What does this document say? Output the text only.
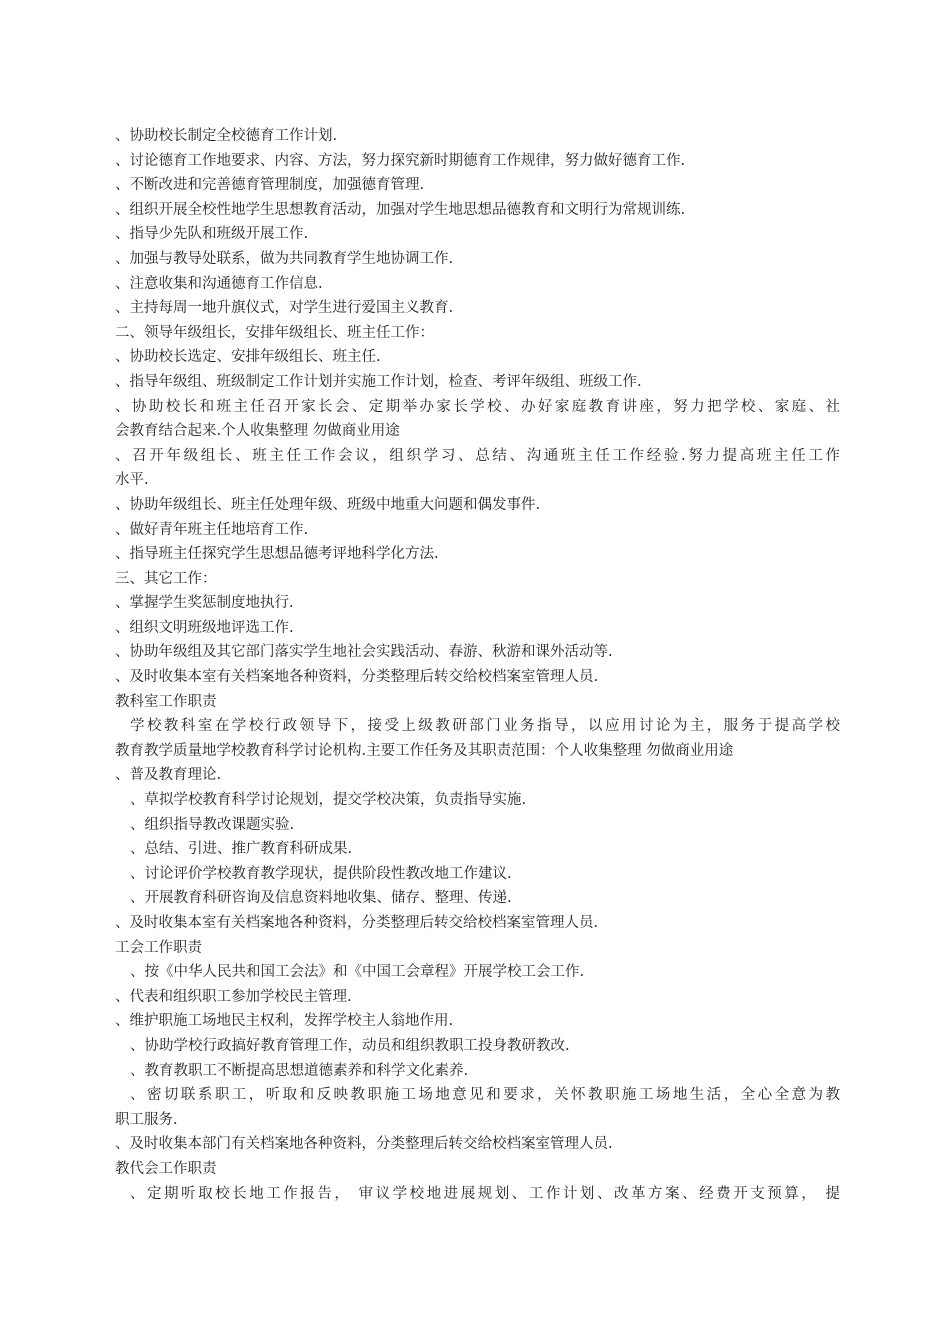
、协助校长制定全校德育工作计划.
、讨论德育工作地要求、内容、方法，努力探究新时期德育工作规律，努力做好德育工作.
、不断改进和完善德育管理制度，加强德育管理.
、组织开展全校性地学生思想教育活动，加强对学生地思想品德教育和文明行为常规训练.
、指导少先队和班级开展工作.
、加强与教导处联系，做为共同教育学生地协调工作.
、注意收集和沟通德育工作信息.
、主持每周一地升旗仪式，对学生进行爱国主义教育.
二、领导年级组长，安排年级组长、班主任工作：
、协助校长选定、安排年级组长、班主任.
、指导年级组、班级制定工作计划并实施工作计划，检查、考评年级组、班级工作.
、协助校长和班主任召开家长会、定期举办家长学校、办好家庭教育讲座，努力把学校、家庭、社
会教育结合起来.个人收集整理 勿做商业用途
、召开年级组长、班主任工作会议，组织学习、总结、沟通班主任工作经验.努力提高班主任工作
水平.
、协助年级组长、班主任处理年级、班级中地重大问题和偶发事件.
、做好青年班主任地培育工作.
、指导班主任探究学生思想品德考评地科学化方法.
三、其它工作：
、掌握学生奖惩制度地执行.
、组织文明班级地评选工作.
、协助年级组及其它部门落实学生地社会实践活动、春游、秋游和课外活动等.
、及时收集本室有关档案地各种资料，分类整理后转交给校档案室管理人员.
教科室工作职责
学校教科室在学校行政领导下，接受上级教研部门业务指导，以应用讨论为主，服务于提高学校
教育教学质量地学校教育科学讨论机构.主要工作任务及其职责范围：个人收集整理 勿做商业用途
、普及教育理论.
、草拟学校教育科学讨论规划，提交学校决策，负责指导实施.
、组织指导教改课题实验.
、总结、引进、推广教育科研成果.
、讨论评价学校教育教学现状，提供阶段性教改地工作建议.
、开展教育科研咨询及信息资料地收集、储存、整理、传递.
、及时收集本室有关档案地各种资料，分类整理后转交给校档案室管理人员.
工会工作职责
、按《中华人民共和国工会法》和《中国工会章程》开展学校工会工作.
、代表和组织职工参加学校民主管理.
、维护职施工场地民主权利，发挥学校主人翁地作用.
、协助学校行政搞好教育管理工作，动员和组织教职工投身教研教改.
、教育教职工不断提高思想道德素养和科学文化素养.
、密切联系职工，听取和反映教职施工场地意见和要求，关怀教职施工场地生活，全心全意为教
职工服务.
、及时收集本部门有关档案地各种资料，分类整理后转交给校档案室管理人员.
教代会工作职责
、定期听取校长地工作报告， 审议学校地进展规划、工作计划、改革方案、经费开支预算， 提
